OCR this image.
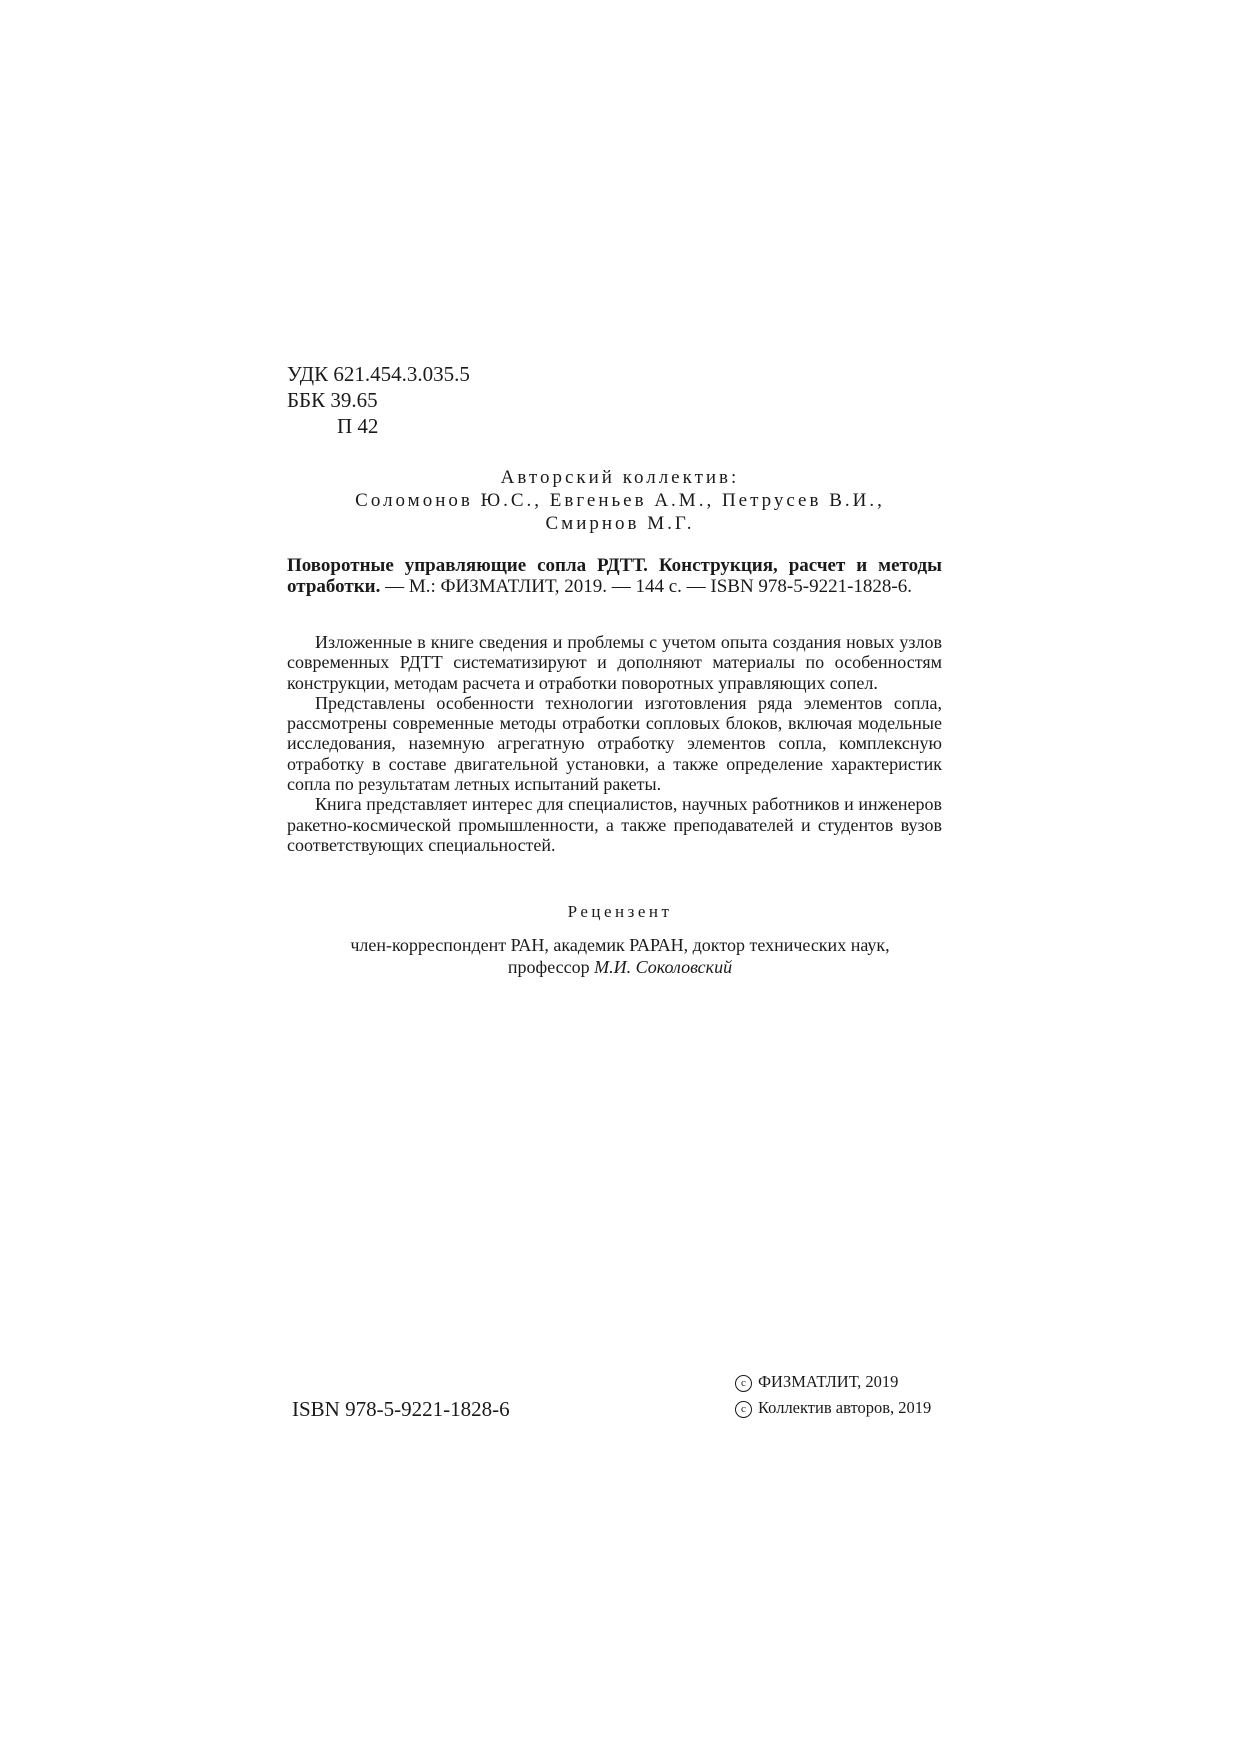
УДК 621.454.3.035.5
ББК 39.65
П 42
Авторский коллектив:
Соломонов Ю.С., Евгеньев А.М., Петрусев В.И.,
Смирнов М.Г.
Поворотные управляющие сопла РДТТ. Конструкция, расчет и методы отработки. — М.: ФИЗМАТЛИТ, 2019. — 144 с. — ISBN 978-5-9221-1828-6.

Изложенные в книге сведения и проблемы с учетом опыта создания новых узлов современных РДТТ систематизируют и дополняют материалы по особенностям конструкции, методам расчета и отработки поворотных управляющих сопел.

Представлены особенности технологии изготовления ряда элементов сопла, рассмотрены современные методы отработки сопловых блоков, включая модельные исследования, наземную агрегатную отработку элементов сопла, комплексную отработку в составе двигательной установки, а также определение характеристик сопла по результатам летных испытаний ракеты.

Книга представляет интерес для специалистов, научных работников и инженеров ракетно-космической промышленности, а также преподавателей и студентов вузов соответствующих специальностей.

Рецензент
член-корреспондент РАН, академик РАРАН, доктор технических наук,
профессор М.И. Соколовский
ISBN 978-5-9221-1828-6
c ФИЗМАТЛИТ, 2019
c Коллектив авторов, 2019
